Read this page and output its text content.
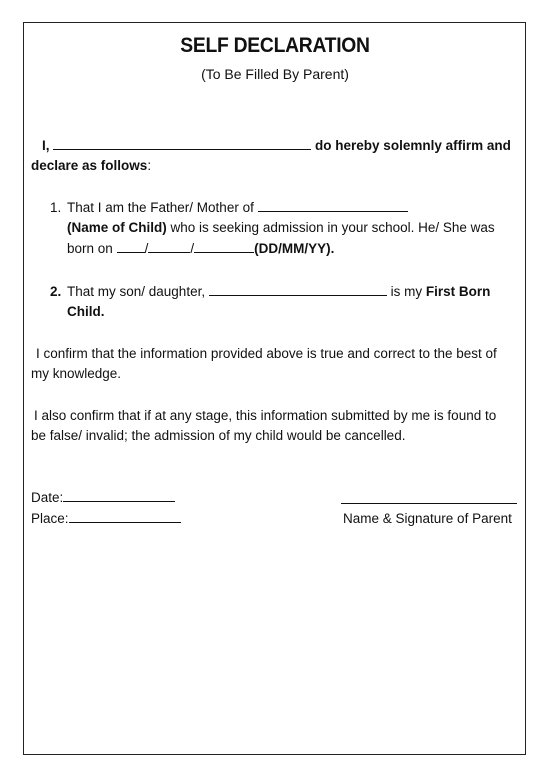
SELF DECLARATION
(To Be Filled By Parent)
I,	do hereby solemnly affirm and
declare as follows:
1. That I am the Father/ Mother of
(Name of Child) who is seeking admission in your school. He/ She was
born on /	/	(DD/MM/YY).
2. That my son/ daughter,	is my First Born
Child.
I confirm that the information provided above is true and correct to the best of
my knowledge.
I also confirm that if at any stage, this information submitted by me is found to
be false/ invalid; the admission of my child would be cancelled.
Date:
Place:	Name & Signature of Parent
